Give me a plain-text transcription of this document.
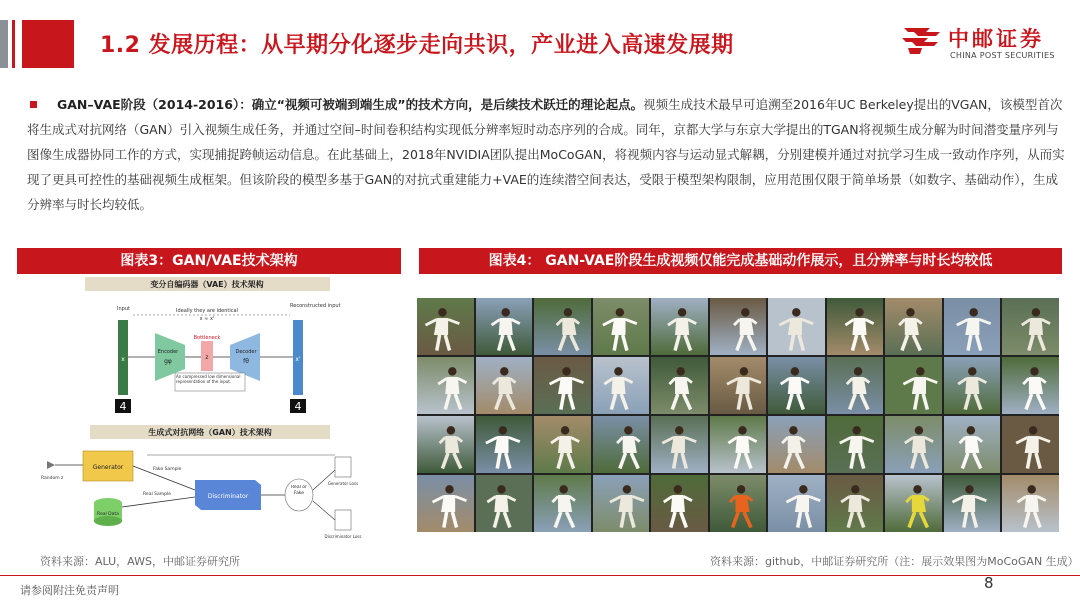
1.2 发展历程：从早期分化逐步走向共识，产业进入高速发展期	中邮证券
CHINA POST SECURITIES

GAN–VAE阶段（2014-2016）：确立“视频可被端到端生成”的技术方向，是后续技术跃迁的理论起点。视频生成技术最早可追溯至2016年UC Berkeley提出的VGAN，该模型首次将生成式对抗网络（GAN）引入视频生成任务，并通过空间–时间卷积结构实现低分辨率短时动态序列的合成。同年，京都大学与东京大学提出的TGAN将视频生成分解为时间潜变量序列与图像生成器协同工作的方式，实现捕捉跨帧运动信息。在此基础上，2018年NVIDIA团队提出MoCoGAN，将视频内容与运动显式解耦，分别建模并通过对抗学习生成一致动作序列，从而实现了更具可控性的基础视频生成框架。但该阶段的模型多基于GAN的对抗式重建能力+VAE的连续潜空间表达，受限于模型架构限制，应用范围仅限于简单场景（如数字、基础动作），生成分辨率与时长均较低。

图表3：GAN/VAE技术架构	图表4： GAN-VAE阶段生成视频仅能完成基础动作展示，且分辨率与时长均较低
变分自编码器（VAE）技术架构
Input	Ideally they are identical
x ≈ x'
Reconstructed input
x
Encoder
gφ
Bottleneck
z
Decoder
fθ	x'
An compressed low dimensional representation of the input.
4	4
生成式对抗网络（GAN）技术架构
Random z
Generator	Fake Sample
Real Data
Real Sample	Discriminator
Real or Fake
Generator Loss
Discriminator Loss
资料来源：ALU，AWS，中邮证券研究所	资料来源：github，中邮证券研究所（注：展示效果图为MoCoGAN 生成）
请参阅附注免责声明	8
